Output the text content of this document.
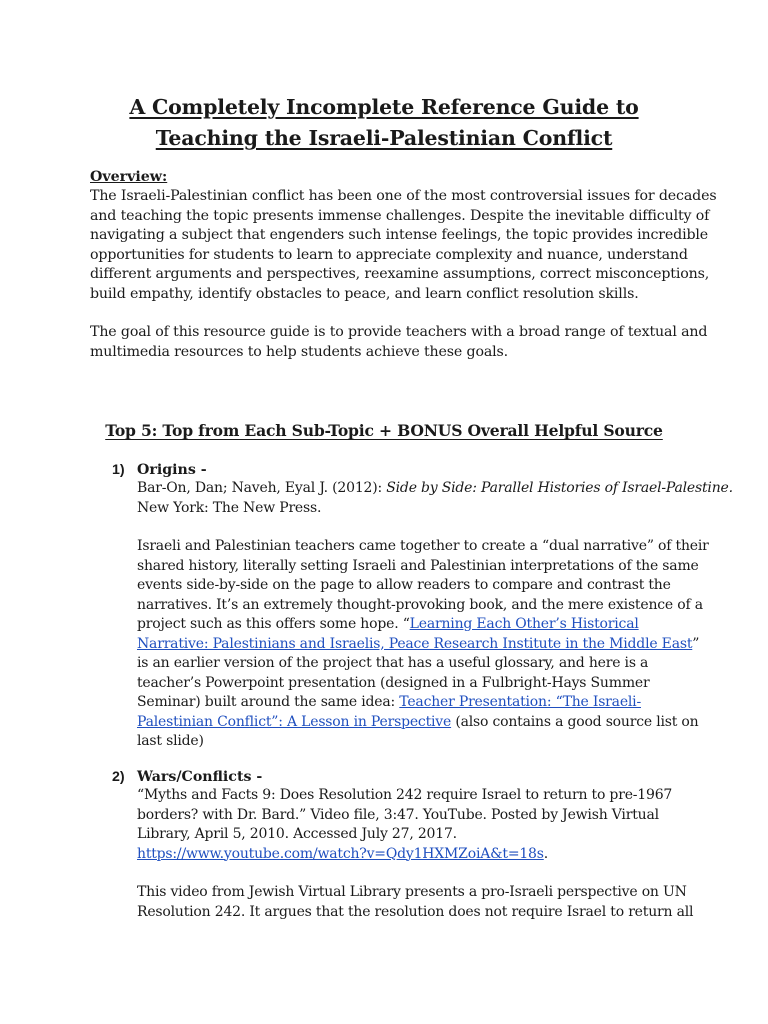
A Completely Incomplete Reference Guide to
Teaching the Israeli-Palestinian Conflict
Overview:

The Israeli-Palestinian conflict has been one of the most controversial issues for decades
and teaching the topic presents immense challenges. Despite the inevitable difficulty of
navigating a subject that engenders such intense feelings, the topic provides incredible
opportunities for students to learn to appreciate complexity and nuance, understand
different arguments and perspectives, reexamine assumptions, correct misconceptions,
build empathy, identify obstacles to peace, and learn conflict resolution skills.

The goal of this resource guide is to provide teachers with a broad range of textual and
multimedia resources to help students achieve these goals.

Top 5: Top from Each Sub-Topic + BONUS Overall Helpful Source
1) Origins -

Bar-On, Dan; Naveh, Eyal J. (2012): Side by Side: Parallel Histories of Israel-Palestine.
New York: The New Press.

Israeli and Palestinian teachers came together to create a “dual narrative” of their
shared history, literally setting Israeli and Palestinian interpretations of the same
events side-by-side on the page to allow readers to compare and contrast the
narratives. It’s an extremely thought-provoking book, and the mere existence of a
project such as this offers some hope. “Learning Each Other’s Historical
Narrative: Palestinians and Israelis, Peace Research Institute in the Middle East”
is an earlier version of the project that has a useful glossary, and here is a
teacher’s Powerpoint presentation (designed in a Fulbright-Hays Summer
Seminar) built around the same idea: Teacher Presentation: “The Israeli-
Palestinian Conflict”: A Lesson in Perspective (also contains a good source list on
last slide)

2) Wars/Conflicts -

“Myths and Facts 9: Does Resolution 242 require Israel to return to pre-1967
borders? with Dr. Bard.” Video file, 3:47. YouTube. Posted by Jewish Virtual
Library, April 5, 2010. Accessed July 27, 2017.
https://www.youtube.com/watch?v=Qdy1HXMZoiA&t=18s.

This video from Jewish Virtual Library presents a pro-Israeli perspective on UN
Resolution 242. It argues that the resolution does not require Israel to return all
